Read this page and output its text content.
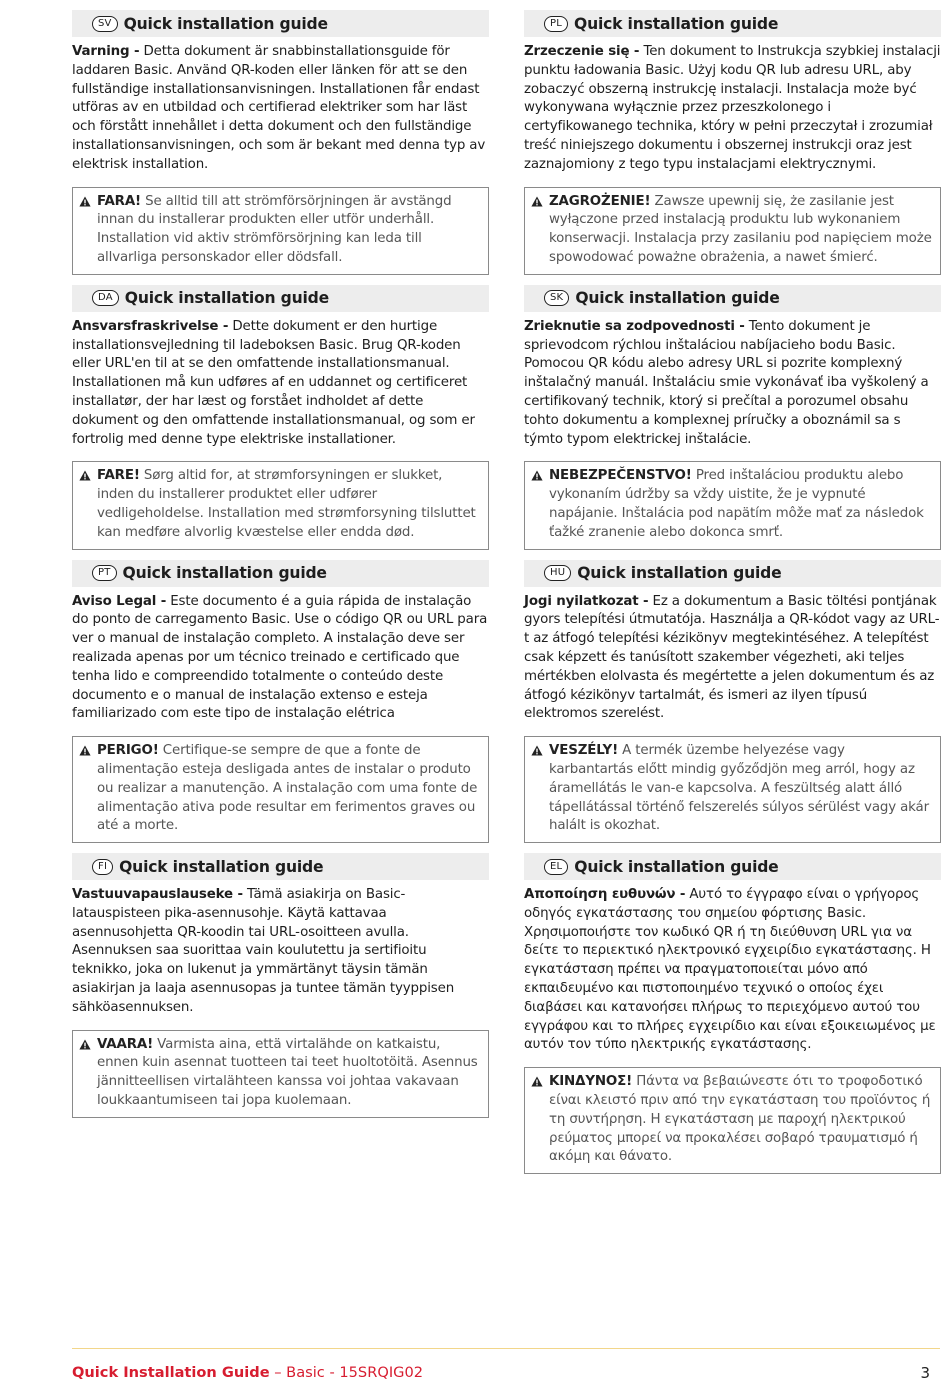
SV Quick installation guide

Varning - Detta dokument är snabbinstallationsguide för laddaren Basic. Använd QR-koden eller länken för att se den fullständige installationsanvisningen. Installationen får endast utföras av en utbildad och certifierad elektriker som har läst och förstått innehållet i detta dokument och den fullständige installationsanvisningen, och som är bekant med denna typ av elektrisk installation.

FARA! Se alltid till att strömförsörjningen är avstängd innan du installerar produkten eller utför underhåll. Installation vid aktiv strömförsörjning kan leda till allvarliga personskador eller dödsfall.
DA Quick installation guide

Ansvarsfraskrivelse - Dette dokument er den hurtige installationsvejledning til ladeboksen Basic. Brug QR-koden eller URL'en til at se den omfattende installationsmanual. Installationen må kun udføres af en uddannet og certificeret installatør, der har læst og forstået indholdet af dette dokument og den omfattende installationsmanual, og som er fortrolig med denne type elektriske installationer.

FARE! Sørg altid for, at strømforsyningen er slukket, inden du installerer produktet eller udfører vedligeholdelse. Installation med strømforsyning tilsluttet kan medføre alvorlig kvæstelse eller endda død.
PT Quick installation guide

Aviso Legal - Este documento é a guia rápida de instalação do ponto de carregamento Basic. Use o código QR ou URL para ver o manual de instalação completo. A instalação deve ser realizada apenas por um técnico treinado e certificado que tenha lido e compreendido totalmente o conteúdo deste documento e o manual de instalação extenso e esteja familiarizado com este tipo de instalação elétrica

PERIGO! Certifique-se sempre de que a fonte de alimentação esteja desligada antes de instalar o produto ou realizar a manutenção. A instalação com uma fonte de alimentação ativa pode resultar em ferimentos graves ou até a morte.
FI Quick installation guide

Vastuuvapauslauseke - Tämä asiakirja on Basic-latauspisteen pika-asennusohje. Käytä kattavaa asennusohjetta QR-koodin tai URL-osoitteen avulla. Asennuksen saa suorittaa vain koulutettu ja sertifioitu teknikko, joka on lukenut ja ymmärtänyt täysin tämän asiakirjan ja laaja asennusopas ja tuntee tämän tyyppisen sähköasennuksen.

VAARA! Varmista aina, että virtalähde on katkaistu, ennen kuin asennat tuotteen tai teet huoltotöitä. Asennus jännitteellisen virtalähteen kanssa voi johtaa vakavaan loukkaantumiseen tai jopa kuolemaan.
PL Quick installation guide

Zrzeczenie się - Ten dokument to Instrukcja szybkiej instalacji punktu ładowania Basic. Użyj kodu QR lub adresu URL, aby zobaczyć obszerną instrukcję instalacji. Instalacja może być wykonywana wyłącznie przez przeszkolonego i certyfikowanego technika, który w pełni przeczytał i zrozumiał treść niniejszego dokumentu i obszernej instrukcji oraz jest zaznajomiony z tego typu instalacjami elektrycznymi.

ZAGROŻENIE! Zawsze upewnij się, że zasilanie jest wyłączone przed instalacją produktu lub wykonaniem konserwacji. Instalacja przy zasilaniu pod napięciem może spowodować poważne obrażenia, a nawet śmierć.
SK Quick installation guide

Zrieknutie sa zodpovednosti - Tento dokument je sprievodcom rýchlou inštaláciou nabíjacieho bodu Basic. Pomocou QR kódu alebo adresy URL si pozrite komplexný inštalačný manuál. Inštaláciu smie vykonávať iba vyškolený a certifikovaný technik, ktorý si prečítal a porozumel obsahu tohto dokumentu a komplexnej príručky a oboznámil sa s týmto typom elektrickej inštalácie.

NEBEZPEČENSTVO! Pred inštaláciou produktu alebo vykonaním údržby sa vždy uistite, že je vypnuté napájanie. Inštalácia pod napätím môže mať za následok ťažké zranenie alebo dokonca smrť.
HU Quick installation guide

Jogi nyilatkozat - Ez a dokumentum a Basic töltési pontjának gyors telepítési útmutatója. Használja a QR-kódot vagy az URL-t az átfogó telepítési kézikönyv megtekintéséhez. A telepítést csak képzett és tanúsított szakember végezheti, aki teljes mértékben elolvasta és megértette a jelen dokumentum és az átfogó kézikönyv tartalmát, és ismeri az ilyen típusú elektromos szerelést.

VESZÉLY! A termék üzembe helyezése vagy karbantartás előtt mindig győződjön meg arról, hogy az áramellátás le van-e kapcsolva. A feszültség alatt álló tápellátással történő felszerelés súlyos sérülést vagy akár halált is okozhat.
EL Quick installation guide

Αποποίηση ευθυνών - Αυτό το έγγραφο είναι ο γρήγορος οδηγός εγκατάστασης του σημείου φόρτισης Basic. Χρησιμοποιήστε τον κωδικό QR ή τη διεύθυνση URL για να δείτε το περιεκτικό ηλεκτρονικό εγχειρίδιο εγκατάστασης. Η εγκατάσταση πρέπει να πραγματοποιείται μόνο από εκπαιδευμένο και πιστοποιημένο τεχνικό ο οποίος έχει διαβάσει και κατανοήσει πλήρως το περιεχόμενο αυτού του εγγράφου και το πλήρες εγχειρίδιο και είναι εξοικειωμένος με αυτόν τον τύπο ηλεκτρικής εγκατάστασης.

ΚΙΝΔΥΝΟΣ! Πάντα να βεβαιώνεστε ότι το τροφοδοτικό είναι κλειστό πριν από την εγκατάσταση του προϊόντος ή τη συντήρηση. Η εγκατάσταση με παροχή ηλεκτρικού ρεύματος μπορεί να προκαλέσει σοβαρό τραυματισμό ή ακόμη και θάνατο.
Quick Installation Guide – Basic - 15SRQIG02	3
